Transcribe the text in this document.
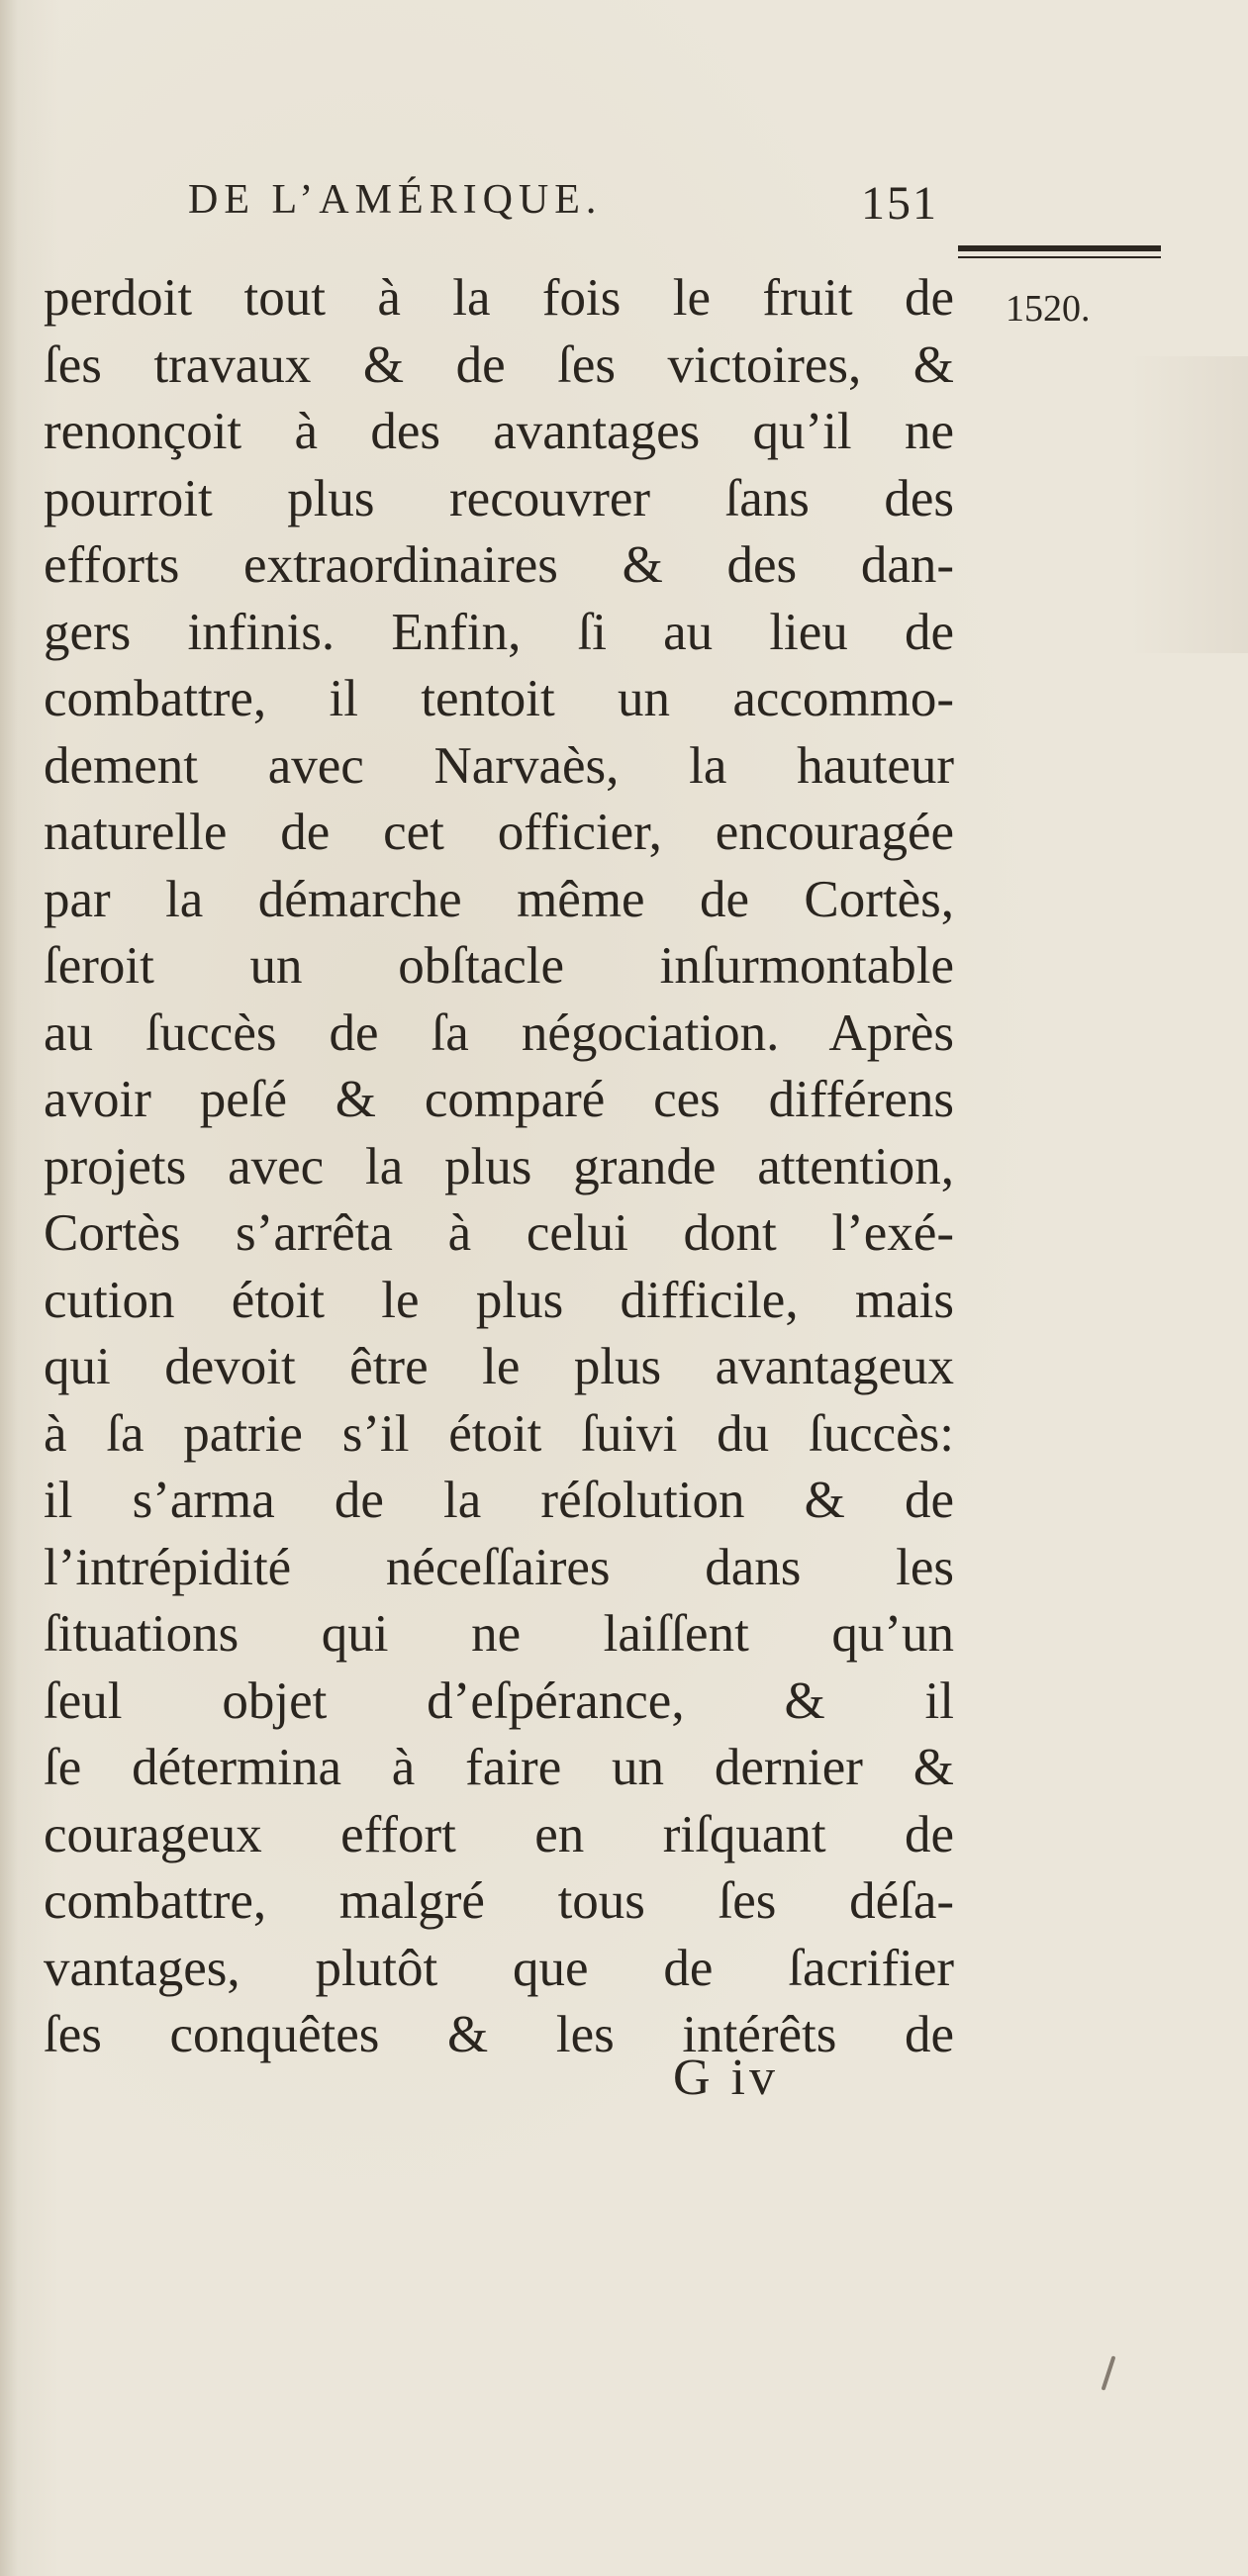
DE L’AMÉRIQUE.	151
1520.
perdoit tout à la fois le fruit de
ſes travaux & de ſes victoires, &
renonçoit à des avantages qu’il ne
pourroit plus recouvrer ſans des
efforts extraordinaires & des dan-
gers infinis. Enfin, ſi au lieu de
combattre, il tentoit un accommo-
dement avec Narvaès, la hauteur
naturelle de cet officier, encouragée
par la démarche même de Cortès,
ſeroit un obſtacle inſurmontable
au ſuccès de ſa négociation. Après
avoir peſé & comparé ces différens
projets avec la plus grande attention,
Cortès s’arrêta à celui dont l’exé-
cution étoit le plus difficile, mais
qui devoit être le plus avantageux
à ſa patrie s’il étoit ſuivi du ſuccès:
il s’arma de la réſolution & de
l’intrépidité néceſſaires dans les
ſituations qui ne laiſſent qu’un
ſeul objet d’eſpérance, & il
ſe détermina à faire un dernier &
courageux effort en riſquant de
combattre, malgré tous ſes déſa-
vantages, plutôt que de ſacrifier
ſes conquêtes & les intérêts de
G iv
